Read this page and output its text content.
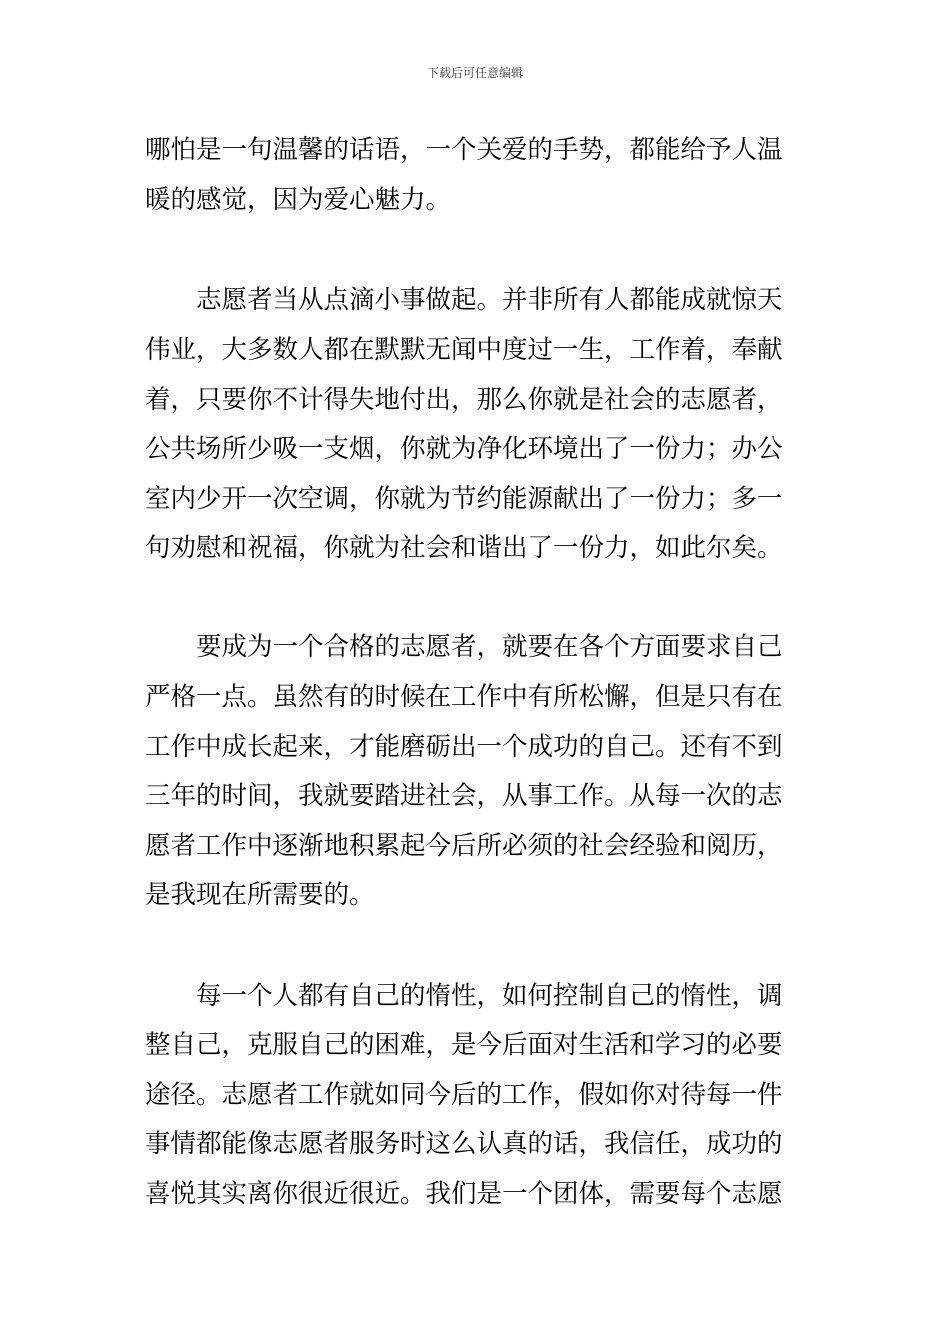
下载后可任意编辑
哪怕是一句温馨的话语，一个关爱的手势，都能给予人温
暖的感觉，因为爱心魅力。
志愿者当从点滴小事做起。并非所有人都能成就惊天
伟业，大多数人都在默默无闻中度过一生，工作着，奉献
着，只要你不计得失地付出，那么你就是社会的志愿者，
公共场所少吸一支烟，你就为净化环境出了一份力；办公
室内少开一次空调，你就为节约能源献出了一份力；多一
句劝慰和祝福，你就为社会和谐出了一份力，如此尔矣。
要成为一个合格的志愿者，就要在各个方面要求自己
严格一点。虽然有的时候在工作中有所松懈，但是只有在
工作中成长起来，才能磨砺出一个成功的自己。还有不到
三年的时间，我就要踏进社会，从事工作。从每一次的志
愿者工作中逐渐地积累起今后所必须的社会经验和阅历，
是我现在所需要的。
每一个人都有自己的惰性，如何控制自己的惰性，调
整自己，克服自己的困难，是今后面对生活和学习的必要
途径。志愿者工作就如同今后的工作，假如你对待每一件
事情都能像志愿者服务时这么认真的话，我信任，成功的
喜悦其实离你很近很近。我们是一个团体，需要每个志愿
